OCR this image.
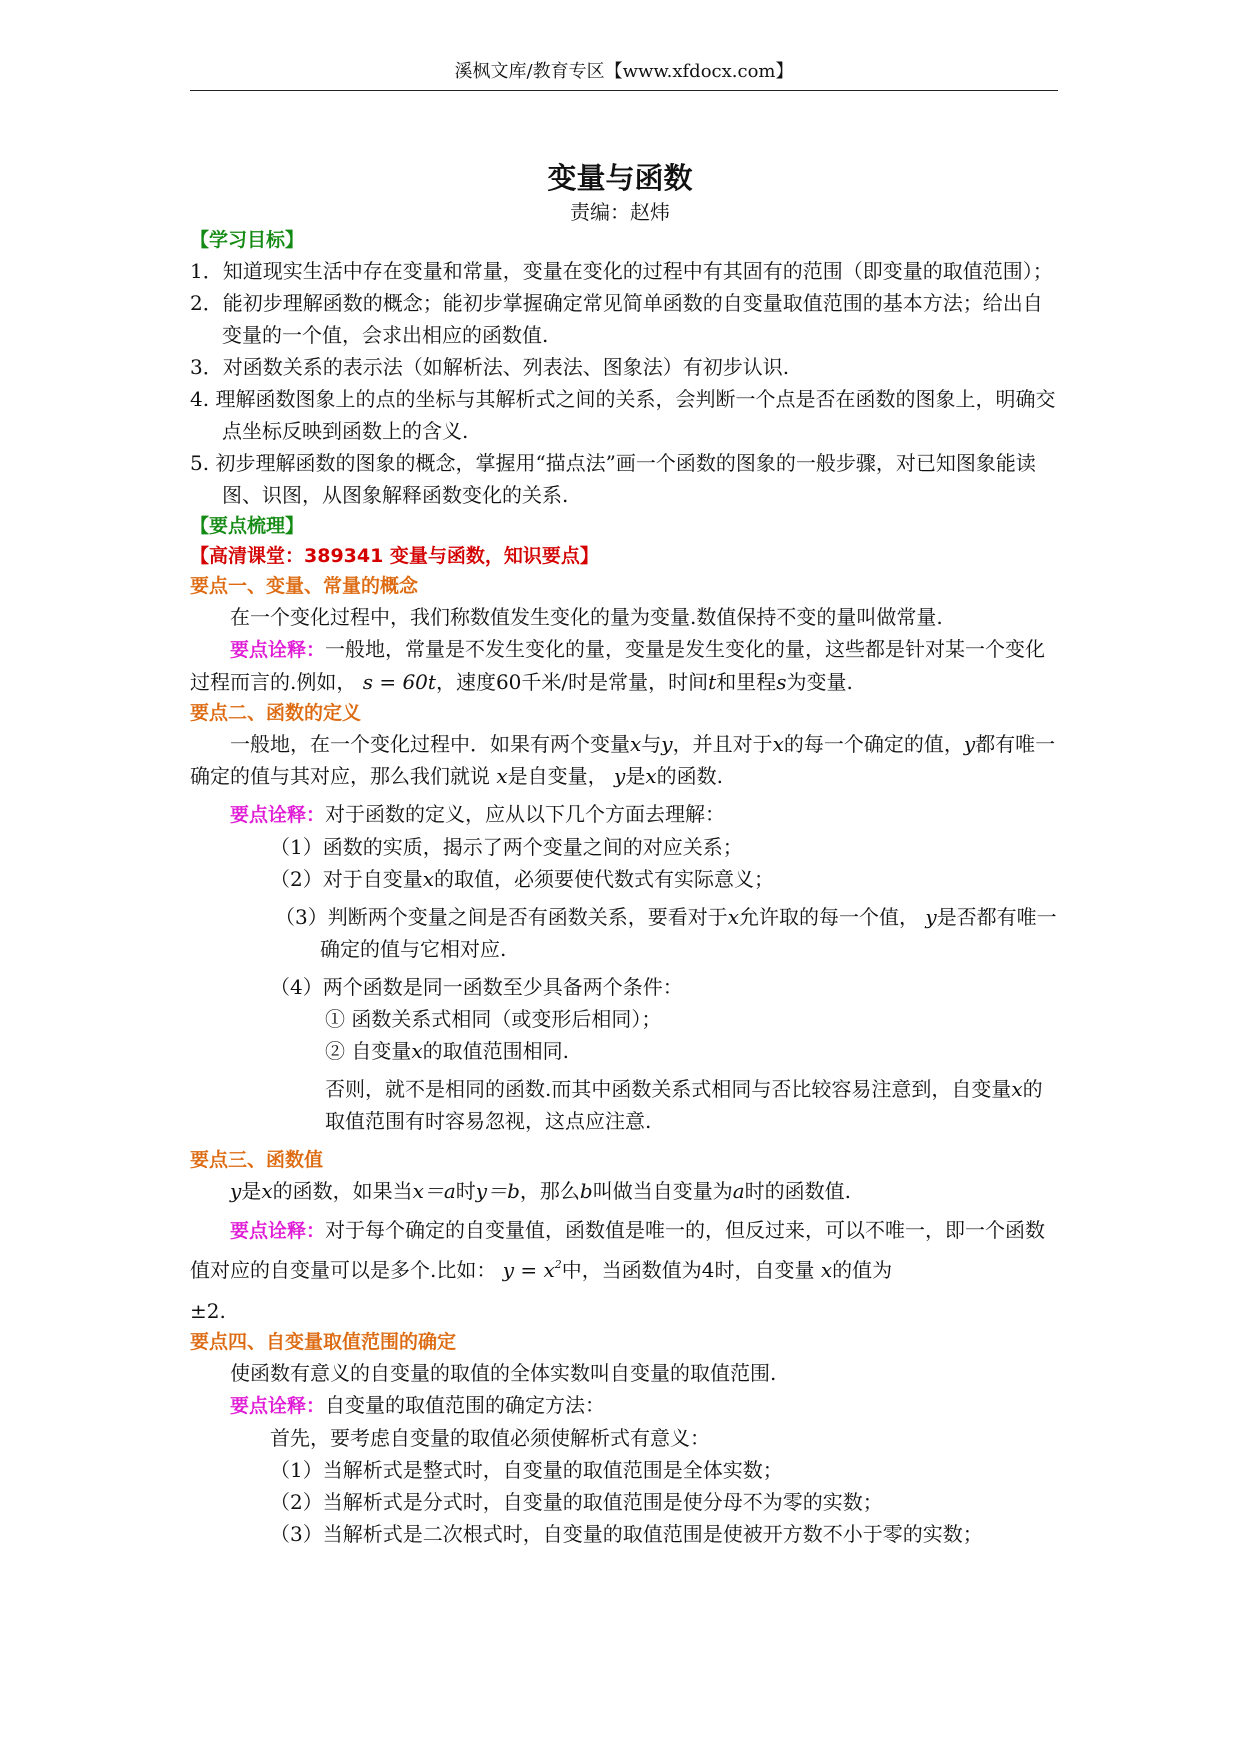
溪枫文库/教育专区【www.xfdocx.com】
变量与函数
责编：赵炜
【学习目标】
1．知道现实生活中存在变量和常量，变量在变化的过程中有其固有的范围（即变量的取值范围）；
2．能初步理解函数的概念；能初步掌握确定常见简单函数的自变量取值范围的基本方法；给出自变量的一个值，会求出相应的函数值.
3．对函数关系的表示法（如解析法、列表法、图象法）有初步认识.
4. 理解函数图象上的点的坐标与其解析式之间的关系，会判断一个点是否在函数的图象上，明确交点坐标反映到函数上的含义.
5. 初步理解函数的图象的概念，掌握用“描点法”画一个函数的图象的一般步骤，对已知图象能读图、识图，从图象解释函数变化的关系.
【要点梳理】
【高清课堂：389341 变量与函数，知识要点】
要点一、变量、常量的概念
在一个变化过程中，我们称数值发生变化的量为变量.数值保持不变的量叫做常量.
要点诠释：一般地，常量是不发生变化的量，变量是发生变化的量，这些都是针对某一个变化过程而言的.例如， s = 60t，速度60千米/时是常量，时间t和里程s为变量.
要点二、函数的定义
一般地，在一个变化过程中．如果有两个变量x与y，并且对于x的每一个确定的值，y都有唯一确定的值与其对应，那么我们就说 x是自变量， y是x的函数.
要点诠释：对于函数的定义，应从以下几个方面去理解：
（1）函数的实质，揭示了两个变量之间的对应关系；
（2）对于自变量x的取值，必须要使代数式有实际意义；
（3）判断两个变量之间是否有函数关系，要看对于x允许取的每一个值， y是否都有唯一确定的值与它相对应.
（4）两个函数是同一函数至少具备两个条件：
① 函数关系式相同（或变形后相同）；
② 自变量x的取值范围相同.
否则，就不是相同的函数.而其中函数关系式相同与否比较容易注意到，自变量x的取值范围有时容易忽视，这点应注意.
要点三、函数值
y是x的函数，如果当x＝a时y＝b，那么b叫做当自变量为a时的函数值.
要点诠释：对于每个确定的自变量值，函数值是唯一的，但反过来，可以不唯一，即一个函数值对应的自变量可以是多个.比如： $y = x^2$中，当函数值为4时，自变量 x的值为
±2.
要点四、自变量取值范围的确定
使函数有意义的自变量的取值的全体实数叫自变量的取值范围.
要点诠释：自变量的取值范围的确定方法：
首先，要考虑自变量的取值必须使解析式有意义：
（1）当解析式是整式时，自变量的取值范围是全体实数；
（2）当解析式是分式时，自变量的取值范围是使分母不为零的实数；
（3）当解析式是二次根式时，自变量的取值范围是使被开方数不小于零的实数；
